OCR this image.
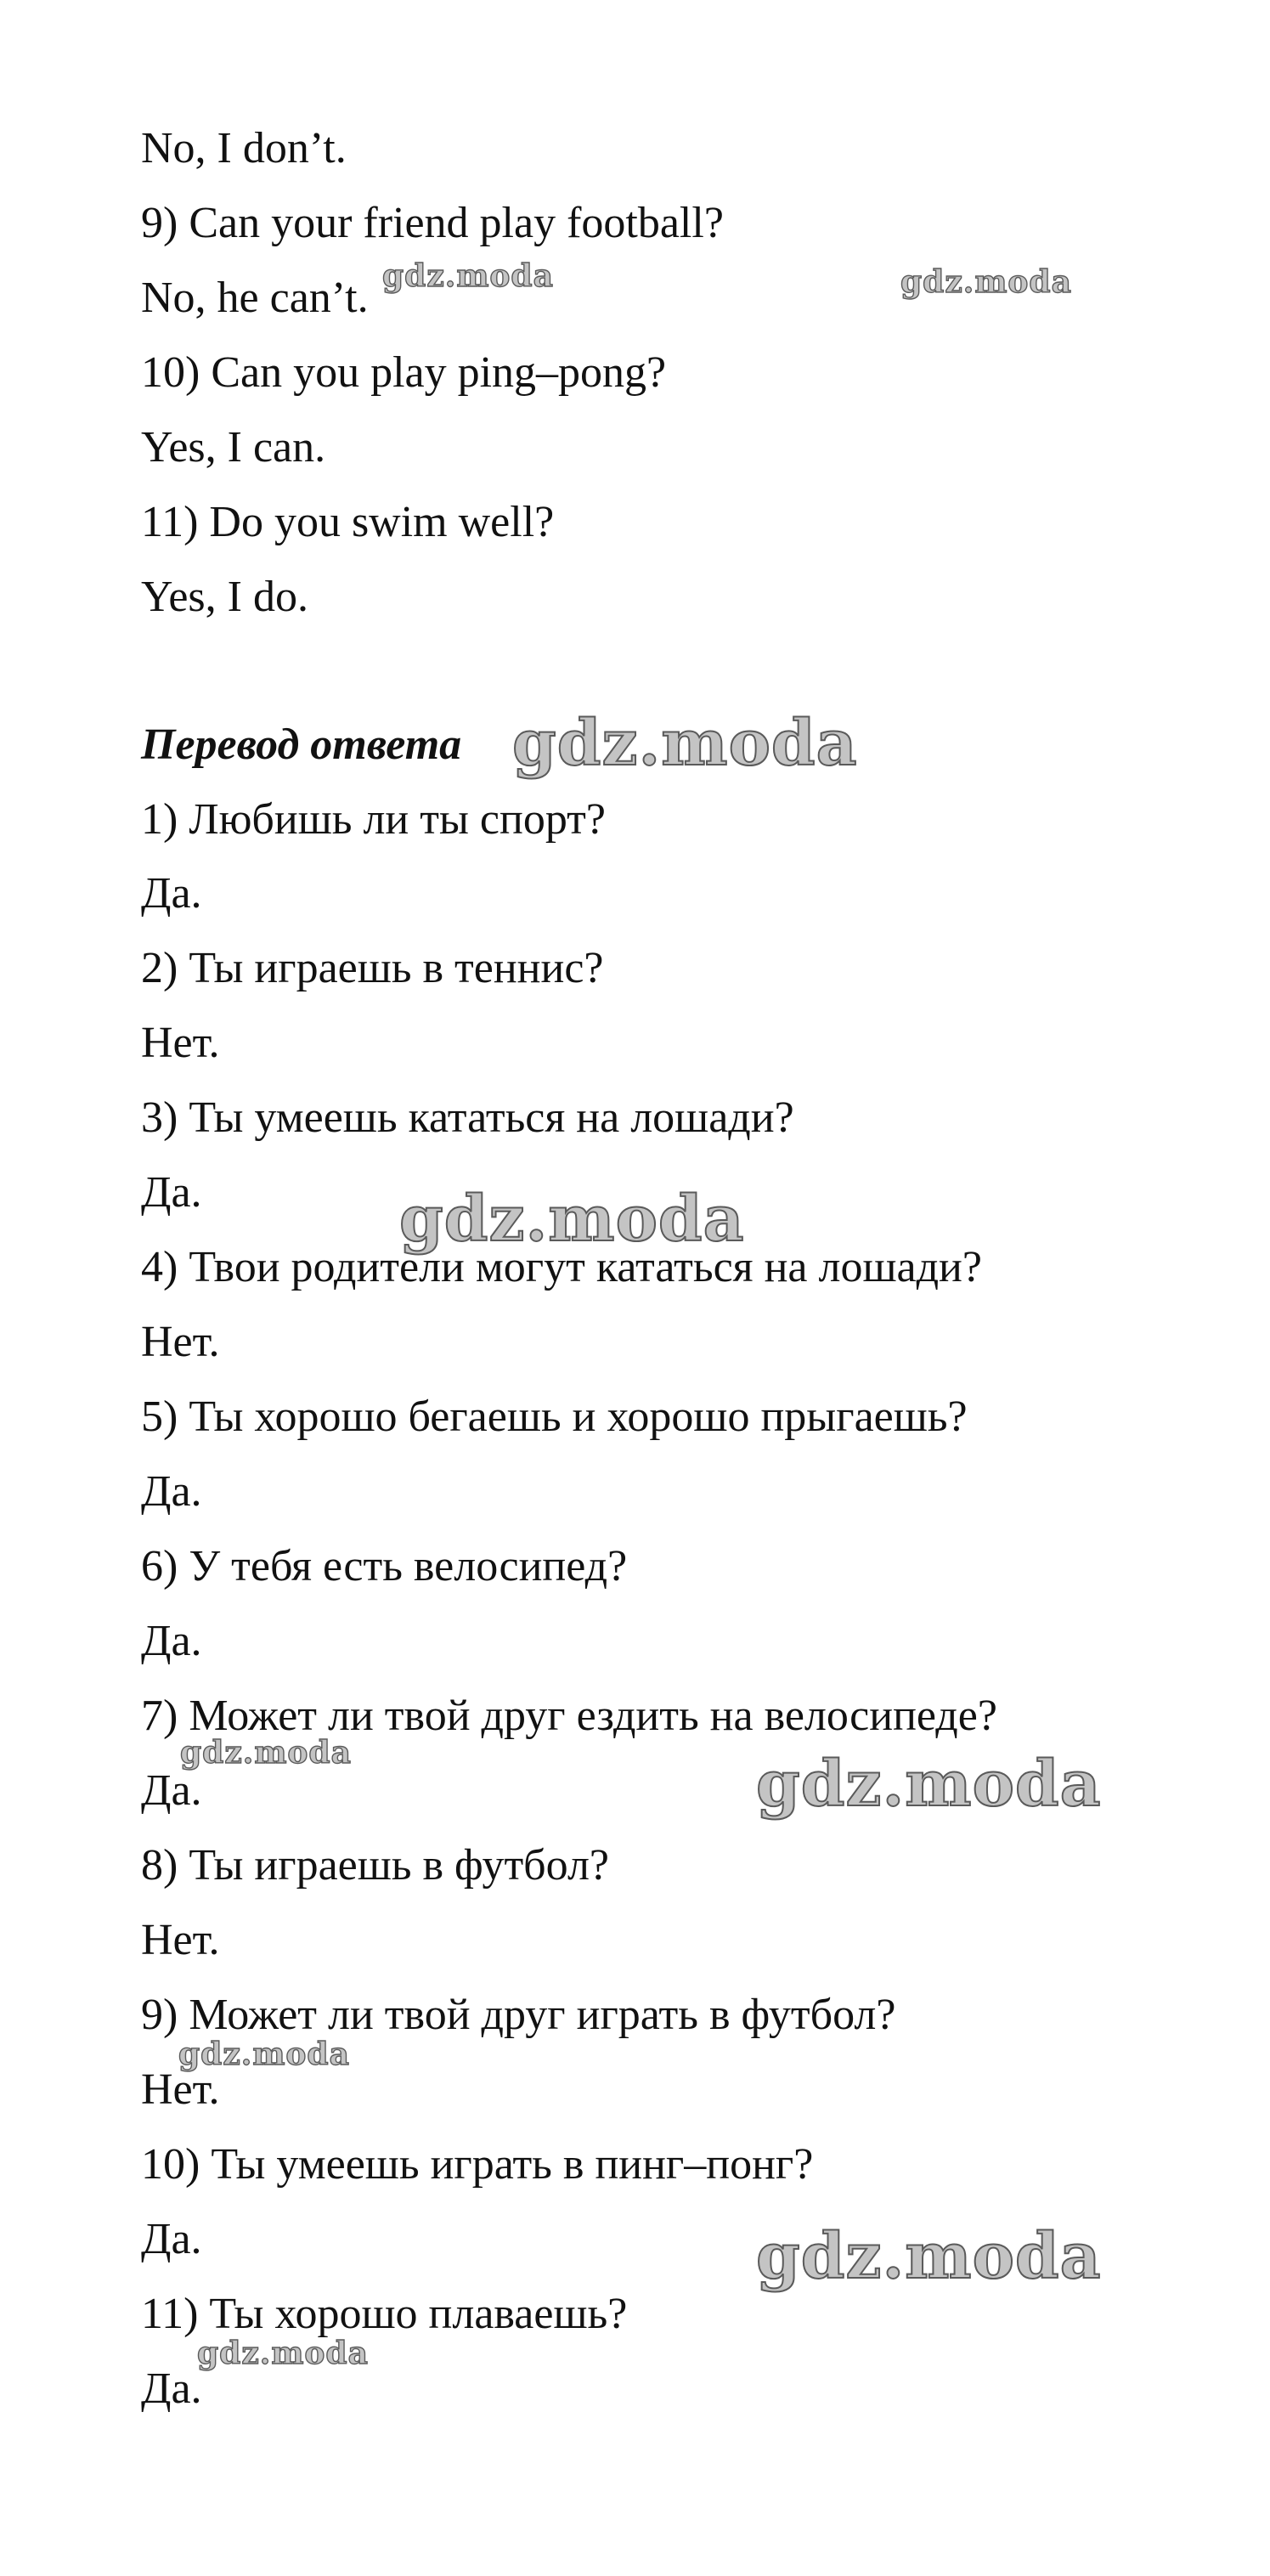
No, I don’t.
9) Can your friend play football?
No, he can’t.
10) Can you play ping–pong?
Yes, I can.
11) Do you swim well?
Yes, I do.
Перевод ответа
1) Любишь ли ты спорт?
Да.
2) Ты играешь в теннис?
Нет.
3) Ты умеешь кататься на лошади?
Да.
4) Твои родители могут кататься на лошади?
Нет.
5) Ты хорошо бегаешь и хорошо прыгаешь?
Да.
6) У тебя есть велосипед?
Да.
7) Может ли твой друг ездить на велосипеде?
Да.
8) Ты играешь в футбол?
Нет.
9) Может ли твой друг играть в футбол?
Нет.
10) Ты умеешь играть в пинг–понг?
Да.
11) Ты хорошо плаваешь?
Да.
gdz.moda	gdz.moda
gdz.moda
gdz.moda
gdz.moda	gdz.moda
gdz.moda
gdz.moda
gdz.moda
